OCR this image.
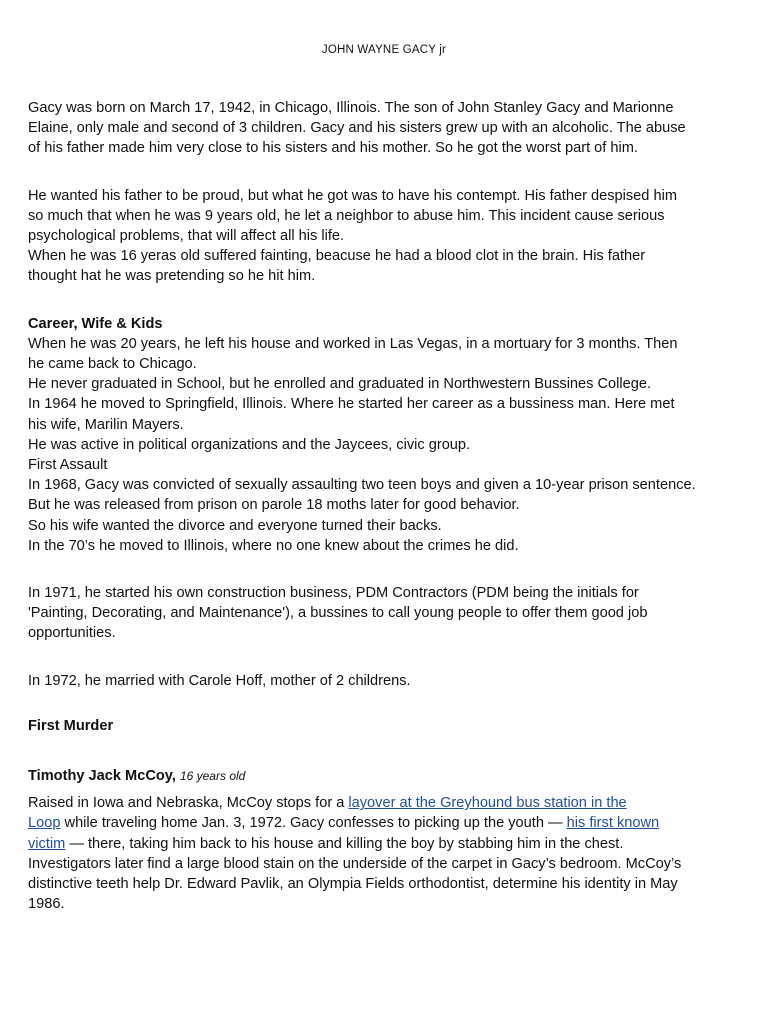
JOHN WAYNE GACY jr

Gacy was born on March 17, 1942, in Chicago, Illinois. The son of John Stanley Gacy and Marionne
Elaine, only male and second of 3 children. Gacy and his sisters grew up with an alcoholic. The abuse
of his father made him very close to his sisters and his mother. So he got the worst part of him.

He wanted his father to be proud, but what he got was to have his contempt. His father despised him
so much that when he was 9 years old, he let a neighbor to abuse him. This incident cause serious
psychological problems, that will affect all his life.
When he was 16 yeras old suffered fainting, beacuse he had a blood clot in the brain. His father
thought hat he was pretending so he hit him.

Career, Wife & Kids
When he was 20 years, he left his house and worked in Las Vegas, in a mortuary for 3 months. Then
he came back to Chicago.
He never graduated in School, but he enrolled and graduated in Northwestern Bussines College.
In 1964 he moved to Springfield, Illinois. Where he started her career as a bussiness man. Here met
his wife, Marilin Mayers.
He was active in political organizations and the Jaycees, civic group.
First Assault
In 1968, Gacy was convicted of sexually assaulting two teen boys and given a 10-year prison sentence.
But he was released from prison on parole 18 moths later for good behavior.
So his wife wanted the divorce and everyone turned their backs.
In the 70’s he moved to Illinois, where no one knew about the crimes he did.

In 1971, he started his own construction business, PDM Contractors (PDM being the initials for
'Painting, Decorating, and Maintenance'), a bussines to call young people to offer them good job
opportunities.

In 1972, he married with Carole Hoff, mother of 2 childrens.

First Murder
Timothy Jack McCoy, 16 years old
Raised in Iowa and Nebraska, McCoy stops for a layover at the Greyhound bus station in the
Loop while traveling home Jan. 3, 1972. Gacy confesses to picking up the youth — his first known
victim — there, taking him back to his house and killing the boy by stabbing him in the chest.
Investigators later find a large blood stain on the underside of the carpet in Gacy’s bedroom. McCoy’s
distinctive teeth help Dr. Edward Pavlik, an Olympia Fields orthodontist, determine his identity in May
1986.
